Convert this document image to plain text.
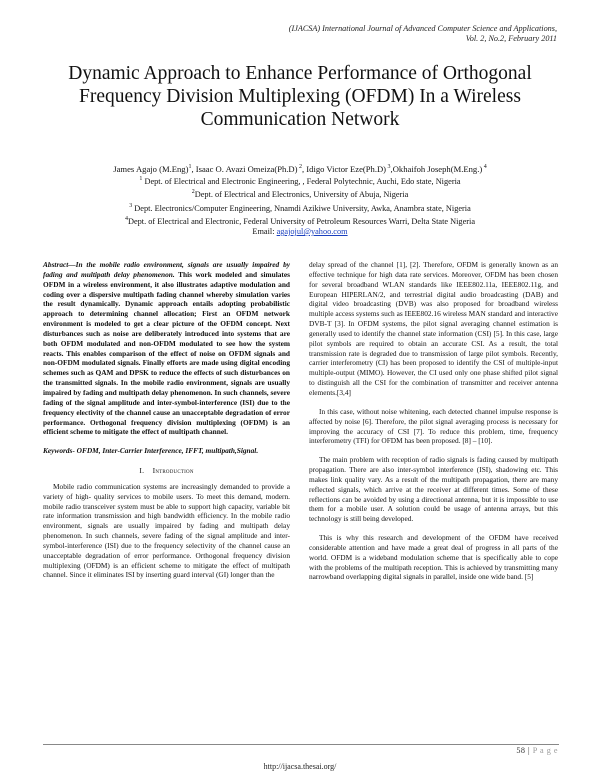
(IJACSA) International Journal of Advanced Computer Science and Applications,
Vol. 2, No.2, February 2011
Dynamic Approach to Enhance Performance of Orthogonal Frequency Division Multiplexing (OFDM) In a Wireless Communication Network
James Agajo $(M.Eng)^1$, Isaac O. Avazi Omeiza(Ph.D) $^2$, Idigo Victor Eze(Ph.D) $^3$,Okhaifoh Joseph(M.Eng.) $^4$
$^1$ Dept. of Electrical and Electronic Engineering, , Federal Polytechnic, Auchi, Edo state, Nigeria
$^2$Dept. of Electrical and Electronics, University of Abuja, Nigeria
$^3$ Dept. Electronics/Computer Engineering, Nnamdi Azikiwe University, Awka, Anambra state, Nigeria
$^4$Dept. of Electrical and Electronic, Federal University of Petroleum Resources Warri, Delta State Nigeria
Email: agajojul@yahoo.com
Abstract—In the mobile radio environment, signals are usually impaired by fading and multipath delay phenomenon. This work modeled and simulates OFDM in a wireless environment, it also illustrates adaptive modulation and coding over a dispersive multipath fading channel whereby simulation varies the result dynamically. Dynamic approach entails adopting probabilistic approach to determining channel allocation; First an OFDM network environment is modeled to get a clear picture of the OFDM concept. Next disturbances such as noise are deliberately introduced into systems that are both OFDM modulated and non-OFDM modulated to see how the system reacts. This enables comparison of the effect of noise on OFDM signals and non-OFDM modulated signals. Finally efforts are made using digital encoding schemes such as QAM and DPSK to reduce the effects of such disturbances on the transmitted signals. In the mobile radio environment, signals are usually impaired by fading and multipath delay phenomenon. In such channels, severe fading of the signal amplitude and inter-symbol-interference (ISI) due to the frequency electivity of the channel cause an unacceptable degradation of error performance. Orthogonal frequency division multiplexing (OFDM) is an efficient scheme to mitigate the effect of multipath channel.
Keywords- OFDM, Inter-Carrier Interference, IFFT, multipath,Signal.
I. Introduction

Mobile radio communication systems are increasingly demanded to provide a variety of high- quality services to mobile users. To meet this demand, modern. mobile radio transceiver system must be able to support high capacity, variable bit rate information transmission and high bandwidth efficiency. In the mobile radio environment, signals are usually impaired by fading and multipath delay phenomenon. In such channels, severe fading of the signal amplitude and inter-symbol-interference (ISI) due to the frequency selectivity of the channel cause an unacceptable degradation of error performance. Orthogonal frequency division multiplexing (OFDM) is an efficient scheme to mitigate the effect of multipath channel. Since it eliminates ISI by inserting guard interval (GI) longer than the

delay spread of the channel [1], [2]. Therefore, OFDM is generally known as an effective technique for high data rate services. Moreover, OFDM has been chosen for several broadband WLAN standards like IEEE802.11a, IEEE802.11g, and European HIPERLAN/2, and terrestrial digital audio broadcasting (DAB) and digital video broadcasting (DVB) was also proposed for broadband wireless multiple access systems such as IEEE802.16 wireless MAN standard and interactive DVB-T [3]. In OFDM systems, the pilot signal averaging channel estimation is generally used to identify the channel state information (CSI) [5]. In this case, large pilot symbols are required to obtain an accurate CSI. As a result, the total transmission rate is degraded due to transmission of large pilot symbols. Recently, carrier interferometry (CI) has been proposed to identify the CSI of multiple-input multiple-output (MIMO). However, the CI used only one phase shifted pilot signal to distinguish all the CSI for the combination of transmitter and receiver antenna elements.[3,4]

In this case, without noise whitening, each detected channel impulse response is affected by noise [6]. Therefore, the pilot signal averaging process is necessary for improving the accuracy of CSI [7]. To reduce this problem, time, frequency interferometry (TFI) for OFDM has been proposed. [8] – [10].

The main problem with reception of radio signals is fading caused by multipath propagation. There are also inter-symbol interference (ISI), shadowing etc. This makes link quality vary. As a result of the multipath propagation, there are many reflected signals, which arrive at the receiver at different times. Some of these reflections can be avoided by using a directional antenna, but it is impossible to use them for a mobile user. A solution could be usage of antenna arrays, but this technology is still being developed.

This is why this research and development of the OFDM have received considerable attention and have made a great deal of progress in all parts of the world. OFDM is a wideband modulation scheme that is specifically able to cope with the problems of the multipath reception. This is achieved by transmitting many narrowband overlapping digital signals in parallel, inside one wide band. [5]

58 | P a g e
http://ijacsa.thesai.org/
